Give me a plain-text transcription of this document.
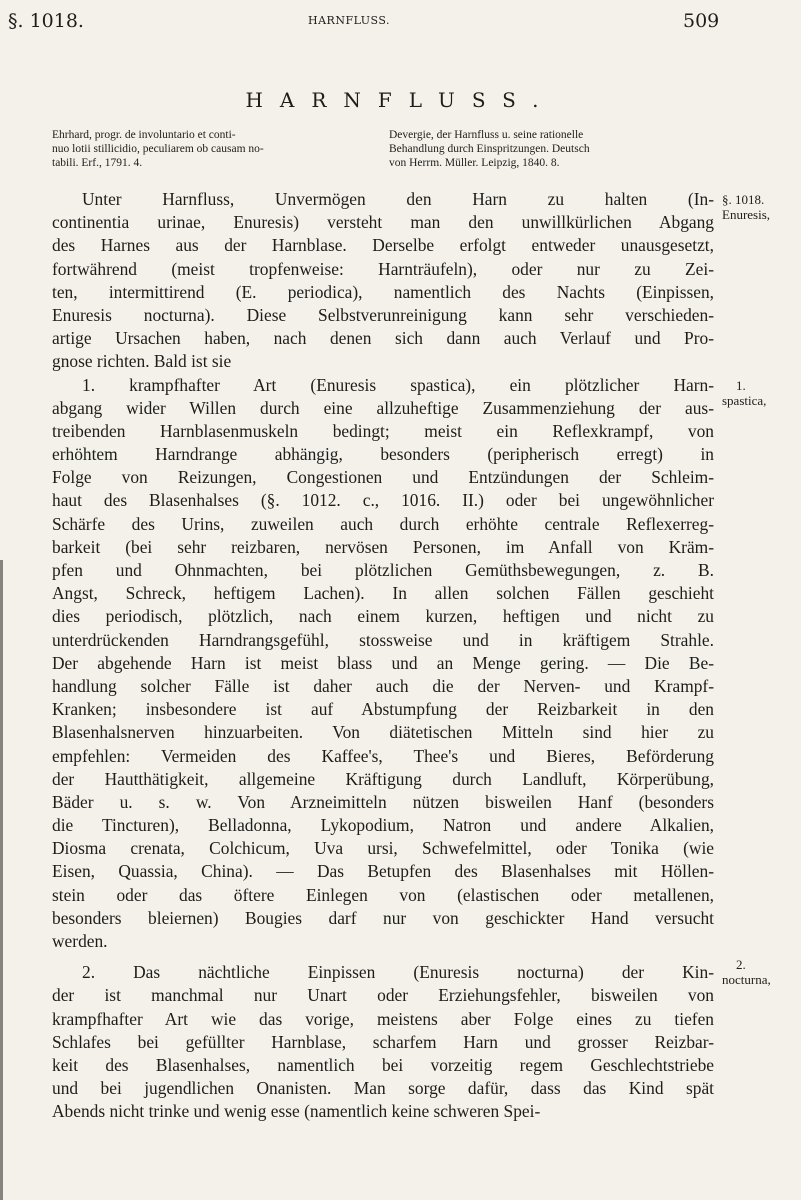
§. 1018.	HARNFLUSS.	509
HARNFLUSS.
Ehrhard, progr. de involuntario et conti-
nuo lotii stillicidio, peculiarem ob causam no-
tabili. Erf., 1791. 4.
Devergie, der Harnfluss u. seine rationelle
Behandlung durch Einspritzungen. Deutsch
von Herrm. Müller. Leipzig, 1840. 8.
Unter Harnfluss, Unvermögen den Harn zu halten (In-
continentia urinae, Enuresis) versteht man den unwillkürlichen Abgang
des Harnes aus der Harnblase. Derselbe erfolgt entweder unausgesetzt,
fortwährend (meist tropfenweise: Harnträufeln), oder nur zu Zei-
ten, intermittirend (E. periodica), namentlich des Nachts (Einpissen,
Enuresis nocturna). Diese Selbstverunreinigung kann sehr verschieden-
artige Ursachen haben, nach denen sich dann auch Verlauf und Pro-
gnose richten. Bald ist sie
1. krampfhafter Art (Enuresis spastica), ein plötzlicher Harn-
abgang wider Willen durch eine allzuheftige Zusammenziehung der aus-
treibenden Harnblasenmuskeln bedingt; meist ein Reflexkrampf, von
erhöhtem Harndrange abhängig, besonders (peripherisch erregt) in
Folge von Reizungen, Congestionen und Entzündungen der Schleim-
haut des Blasenhalses (§. 1012. c., 1016. II.) oder bei ungewöhnlicher
Schärfe des Urins, zuweilen auch durch erhöhte centrale Reflexerreg-
barkeit (bei sehr reizbaren, nervösen Personen, im Anfall von Kräm-
pfen und Ohnmachten, bei plötzlichen Gemüthsbewegungen, z. B.
Angst, Schreck, heftigem Lachen). In allen solchen Fällen geschieht
dies periodisch, plötzlich, nach einem kurzen, heftigen und nicht zu
unterdrückenden Harndrangsgefühl, stossweise und in kräftigem Strahle.
Der abgehende Harn ist meist blass und an Menge gering. — Die Be-
handlung solcher Fälle ist daher auch die der Nerven- und Krampf-
Kranken; insbesondere ist auf Abstumpfung der Reizbarkeit in den
Blasenhalsnerven hinzuarbeiten. Von diätetischen Mitteln sind hier zu
empfehlen: Vermeiden des Kaffee's, Thee's und Bieres, Beförderung
der Hautthätigkeit, allgemeine Kräftigung durch Landluft, Körperübung,
Bäder u. s. w. Von Arzneimitteln nützen bisweilen Hanf (besonders
die Tincturen), Belladonna, Lykopodium, Natron und andere Alkalien,
Diosma crenata, Colchicum, Uva ursi, Schwefelmittel, oder Tonika (wie
Eisen, Quassia, China). — Das Betupfen des Blasenhalses mit Höllen-
stein oder das öftere Einlegen von (elastischen oder metallenen,
besonders bleiernen) Bougies darf nur von geschickter Hand versucht
werden.
2. Das nächtliche Einpissen (Enuresis nocturna) der Kin-
der ist manchmal nur Unart oder Erziehungsfehler, bisweilen von
krampfhafter Art wie das vorige, meistens aber Folge eines zu tiefen
Schlafes bei gefüllter Harnblase, scharfem Harn und grosser Reizbar-
keit des Blasenhalses, namentlich bei vorzeitig regem Geschlechtstriebe
und bei jugendlichen Onanisten. Man sorge dafür, dass das Kind spät
Abends nicht trinke und wenig esse (namentlich keine schweren Spei-
§. 1018.
Enuresis,
1.
spastica,
2.
nocturna,
